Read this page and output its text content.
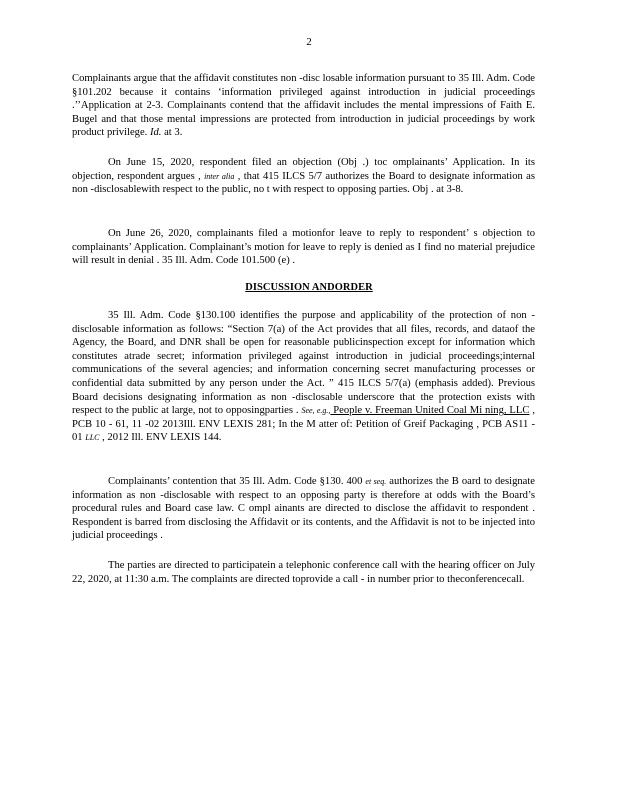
2

Complainants argue that the affidavit constitutes non -disc losable information pursuant to 35 Ill. Adm. Code §101.202 because it contains ‘information privileged against introduction in judicial proceedings .’’Application at 2-3. Complainants contend that the affidavit includes the mental impressions of Faith E. Bugel and that those mental impressions are protected from introduction in judicial proceedings by work product privilege. Id. at 3.

On June 15, 2020, respondent filed an objection (Obj .) toc omplainants’ Application. In its objection, respondent argues , inter alia , that 415 ILCS 5/7 authorizes the Board to designate information as non -disclosablewith respect to the public, no t with respect to opposing parties. Obj . at 3-8.

On June 26, 2020, complainants filed a motionfor leave to reply to respondent’ s objection to complainants’ Application. Complainant’s motion for leave to reply is denied as I find no material prejudice will result in denial . 35 Ill. Adm. Code 101.500 (e) .

DISCUSSION ANDORDER

35 Ill. Adm. Code §130.100 identifies the purpose and applicability of the protection of non -disclosable information as follows: “Section 7(a) of the Act provides that all files, records, and dataof the Agency, the Board, and DNR shall be open for reasonable publicinspection except for information which constitutes atrade secret; information privileged against introduction in judicial proceedings;internal communications of the several agencies; and information concerning secret manufacturing processes or confidential data submitted by any person under the Act. ” 415 ILCS 5/7(a) (emphasis added). Previous Board decisions designating information as non -disclosable underscore that the protection exists with respect to the public at large, not to opposingparties . See, e.g., People v. Freeman United Coal Mi ning, LLC , PCB 10 - 61, 11 -02 2013Ill. ENV LEXIS 281; In the M atter of: Petition of Greif Packaging , PCB AS11 - 01 LLC , 2012 Ill. ENV LEXIS 144.

Complainants’ contention that 35 Ill. Adm. Code §130. 400 et seq. authorizes the B oard to designate information as non -disclosable with respect to an opposing party is therefore at odds with the Board’s procedural rules and Board case law. C ompl ainants are directed to disclose the affidavit to respondent . Respondent is barred from disclosing the Affidavit or its contents, and the Affidavit is not to be injected into judicial proceedings .

The parties are directed to participatein a telephonic conference call with the hearing officer on July 22, 2020, at 11:30 a.m. The complaints are directed toprovide a call - in number prior to theconferencecall.
